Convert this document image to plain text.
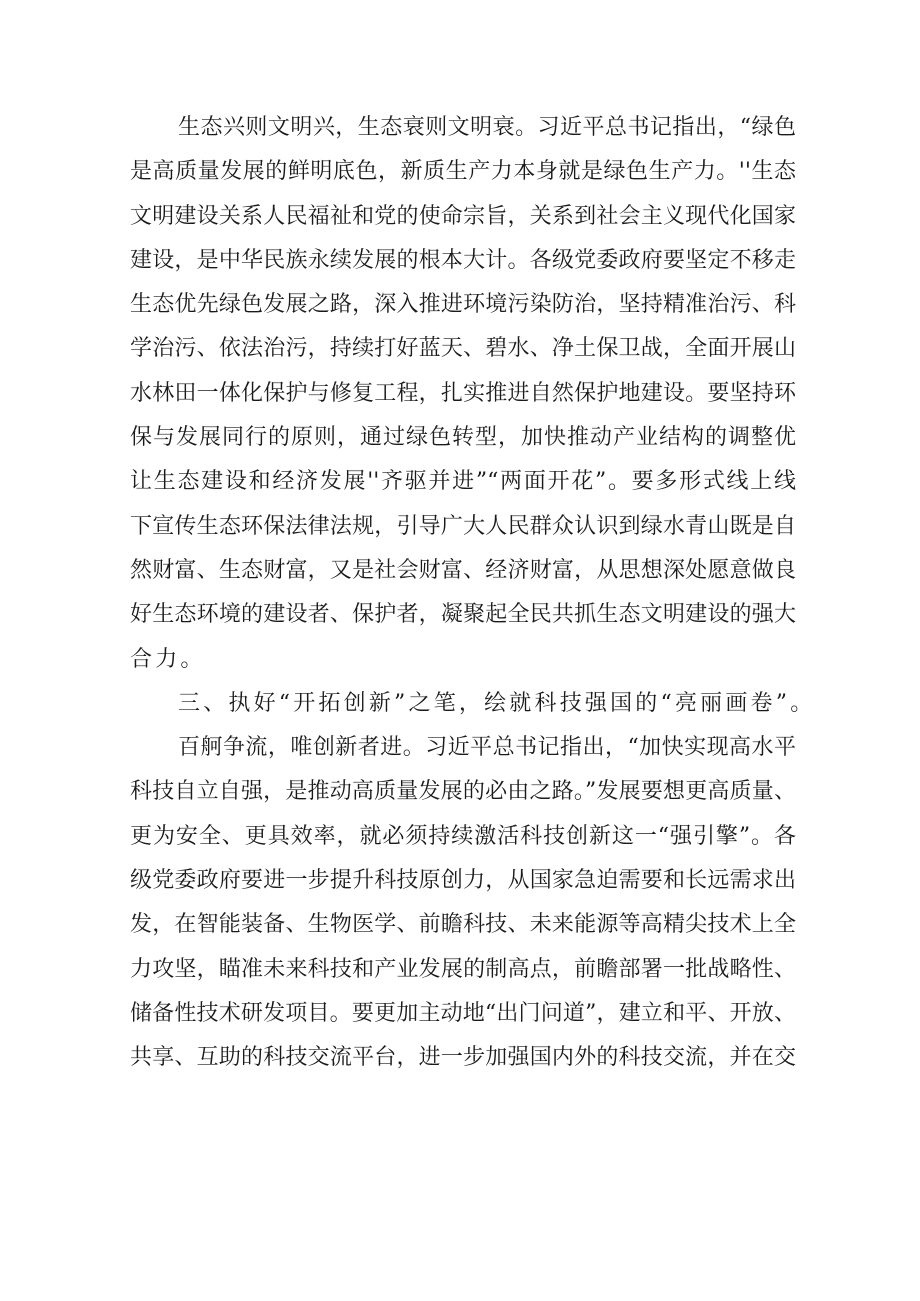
生态兴则文明兴，生态衰则文明衰。习近平总书记指出，“绿色
是高质量发展的鲜明底色，新质生产力本身就是绿色生产力。''生态
文明建设关系人民福祉和党的使命宗旨，关系到社会主义现代化国家
建设，是中华民族永续发展的根本大计。各级党委政府要坚定不移走
生态优先绿色发展之路，深入推进环境污染防治，坚持精准治污、科
学治污、依法治污，持续打好蓝天、碧水、净土保卫战，全面开展山
水林田一体化保护与修复工程，扎实推进自然保护地建设。要坚持环
保与发展同行的原则，通过绿色转型，加快推动产业结构的调整优
让生态建设和经济发展''齐驱并进”“两面开花”。要多形式线上线
下宣传生态环保法律法规，引导广大人民群众认识到绿水青山既是自
然财富、生态财富，又是社会财富、经济财富，从思想深处愿意做良
好生态环境的建设者、保护者，凝聚起全民共抓生态文明建设的强大
合力。
三、执好“开拓创新”之笔，绘就科技强国的“亮丽画卷”。
百舸争流，唯创新者进。习近平总书记指出，“加快实现高水平
科技自立自强，是推动高质量发展的必由之路。”发展要想更高质量、
更为安全、更具效率，就必须持续激活科技创新这一“强引擎”。各
级党委政府要进一步提升科技原创力，从国家急迫需要和长远需求出
发，在智能装备、生物医学、前瞻科技、未来能源等高精尖技术上全
力攻坚，瞄准未来科技和产业发展的制高点，前瞻部署一批战略性、
储备性技术研发项目。要更加主动地“出门问道”，建立和平、开放、
共享、互助的科技交流平台，进一步加强国内外的科技交流，并在交
